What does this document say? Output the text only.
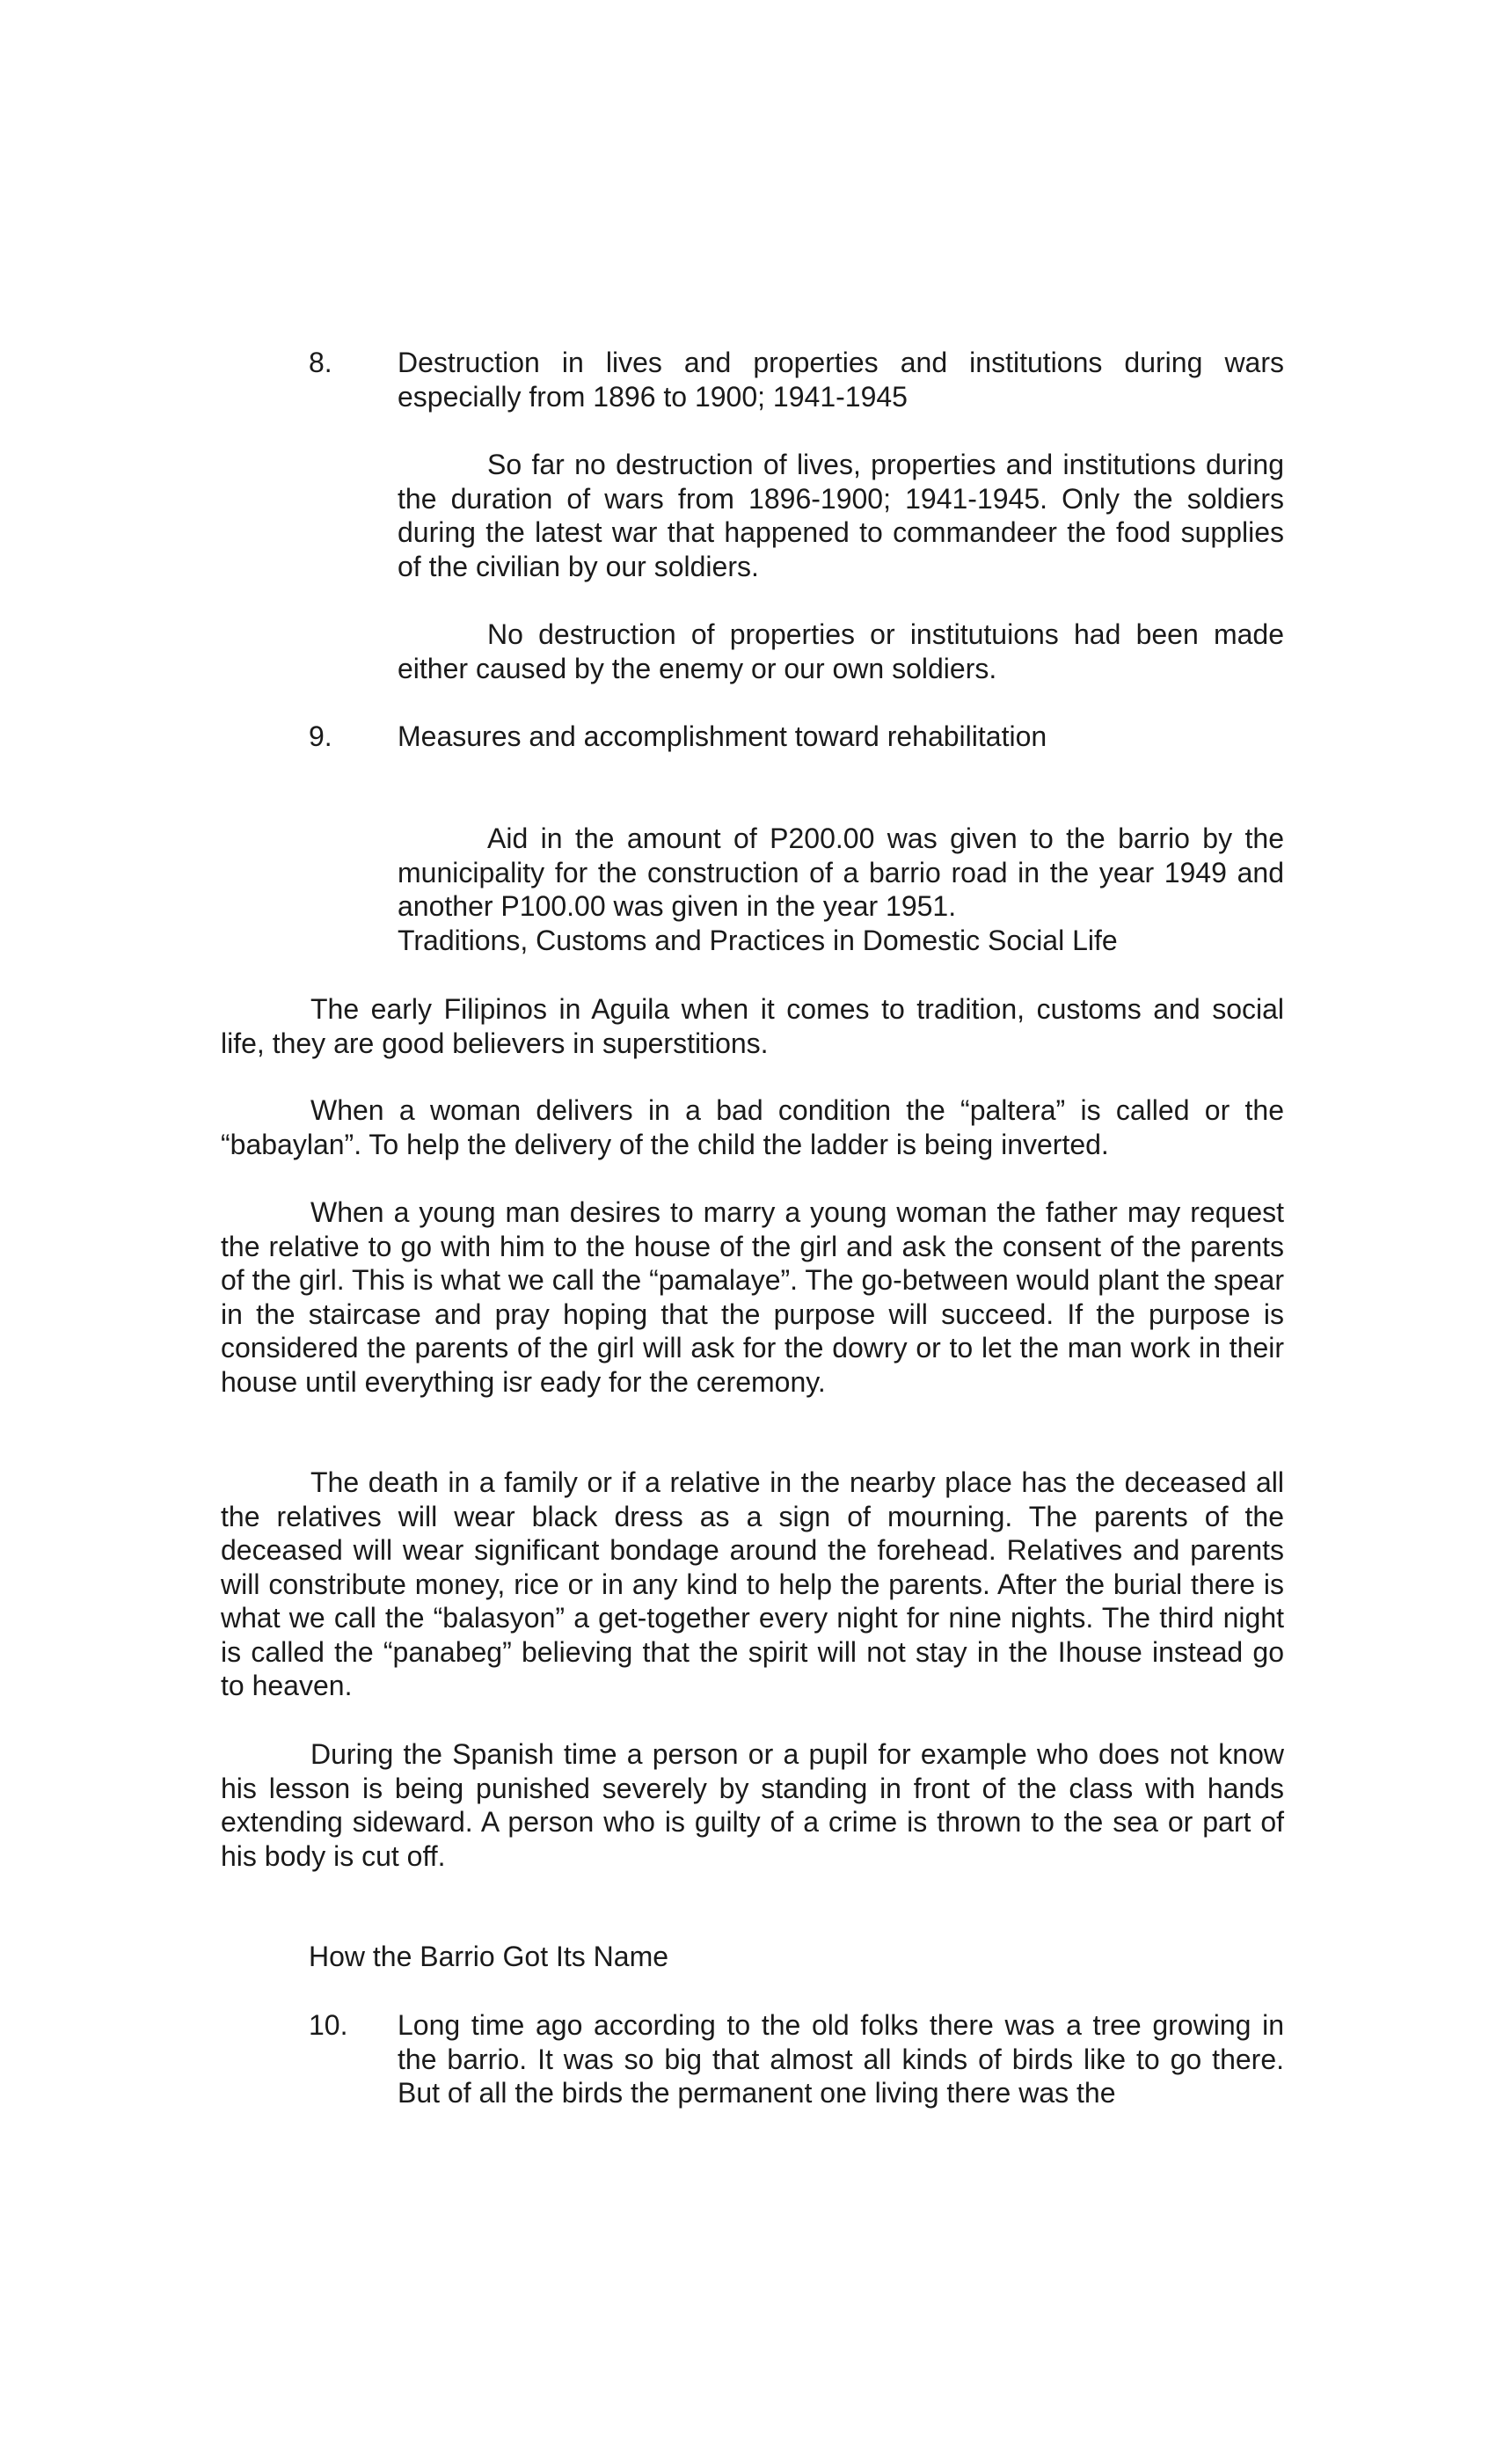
8. Destruction in lives and properties and institutions during wars especially from 1896 to 1900; 1941-1945

So far no destruction of lives, properties and institutions during the duration of wars from 1896-1900; 1941-1945. Only the soldiers during the latest war that happened to commandeer the food supplies of the civilian by our soldiers.

No destruction of properties or institutuions had been made either caused by the enemy or our own soldiers.

9. Measures and accomplishment toward rehabilitation

Aid in the amount of P200.00 was given to the barrio by the municipality for the construction of a barrio road in the year 1949 and another P100.00 was given in the year 1951.

Traditions, Customs and Practices in Domestic Social Life

The early Filipinos in Aguila when it comes to tradition, customs and social life, they are good believers in superstitions.

When a woman delivers in a bad condition the “paltera” is called or the “babaylan”. To help the delivery of the child the ladder is being inverted.

When a young man desires to marry a young woman the father may request the relative to go with him to the house of the girl and ask the consent of the parents of the girl. This is what we call the “pamalaye”. The go-between would plant the spear in the staircase and pray hoping that the purpose will succeed. If the purpose is considered the parents of the girl will ask for the dowry or to let the man work in their house until everything isr eady for the ceremony.

The death in a family or if a relative in the nearby place has the deceased all the relatives will wear black dress as a sign of mourning. The parents of the deceased will wear significant bondage around the forehead. Relatives and parents will constribute money, rice or in any kind to help the parents. After the burial there is what we call the “balasyon” a get-together every night for nine nights. The third night is called the “panabeg” believing that the spirit will not stay in the Ihouse instead go to heaven.

During the Spanish time a person or a pupil for example who does not know his lesson is being punished severely by standing in front of the class with hands extending sideward. A person who is guilty of a crime is thrown to the sea or part of his body is cut off.

How the Barrio Got Its Name

10. Long time ago according to the old folks there was a tree growing in the barrio. It was so big that almost all kinds of birds like to go there. But of all the birds the permanent one living there was the
